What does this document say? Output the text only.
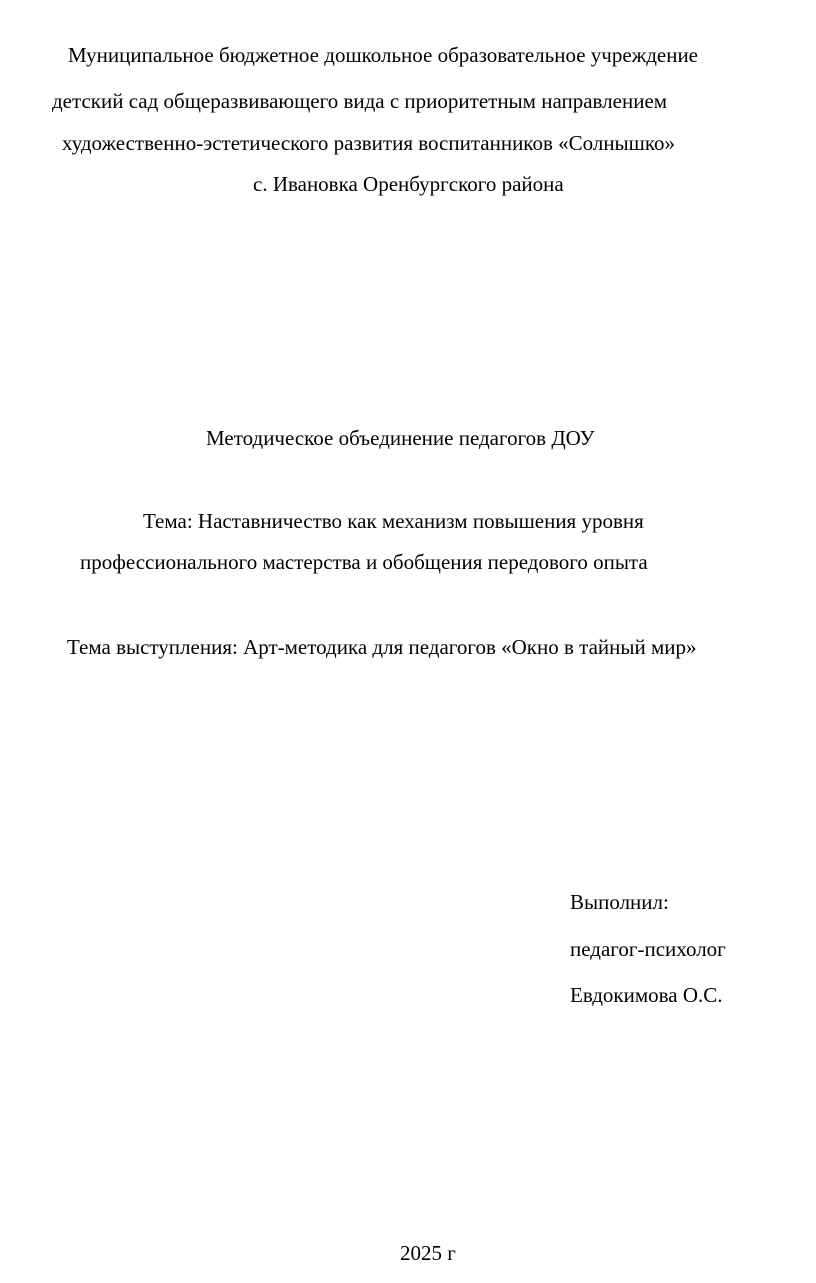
Муниципальное бюджетное дошкольное образовательное учреждение
детский сад общеразвивающего вида с приоритетным направлением
художественно-эстетического развития воспитанников «Солнышко»
с. Ивановка Оренбургского района
Методическое объединение педагогов ДОУ
Тема: Наставничество как механизм повышения уровня
профессионального мастерства и обобщения передового опыта
Тема выступления: Арт-методика для педагогов «Окно в тайный мир»
Выполнил:
педагог-психолог
Евдокимова О.С.
2025 г
